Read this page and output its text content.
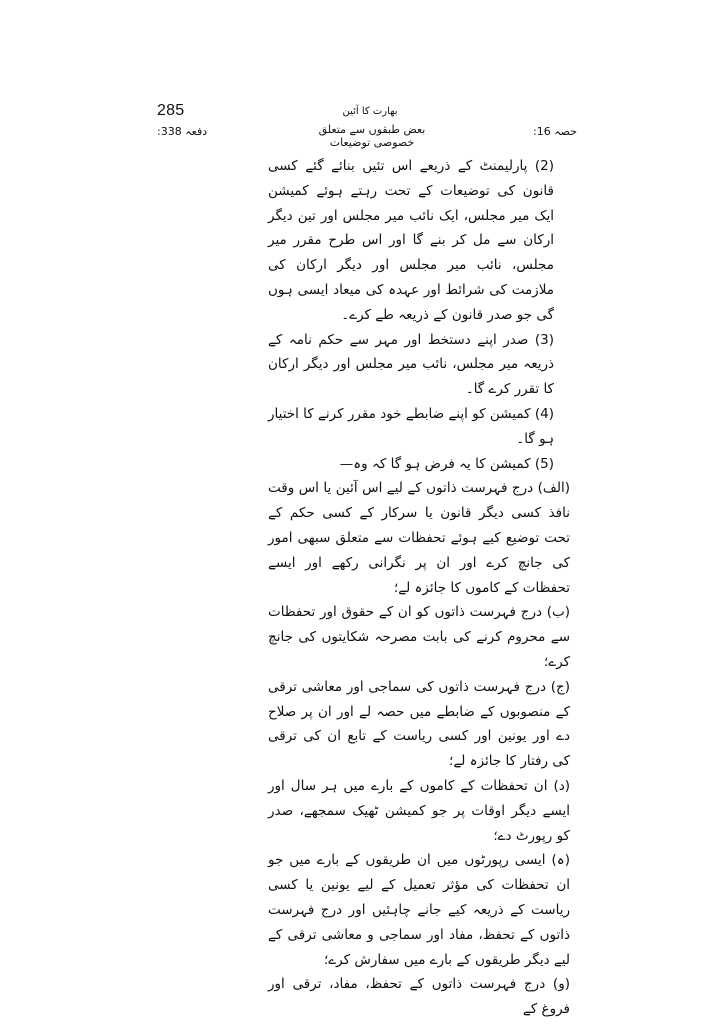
285	بھارت کا آئین
دفعہ 338:	بعض طبقوں سے متعلق خصوصی توضیعات
حصہ 16:

(2) پارلیمنٹ کے ذریعے اس تئیں بنائے گئے کسی قانون کی توضیعات کے تحت رہتے ہوئے کمیشن ایک میر مجلس، ایک نائب میر مجلس اور تین دیگر ارکان سے مل کر بنے گا اور اس طرح مقرر میر مجلس، نائب میر مجلس اور دیگر ارکان کی ملازمت کی شرائط اور عہدہ کی میعاد ایسی ہوں گی جو صدر قانون کے ذریعہ طے کرے۔

(3) صدر اپنے دستخط اور مہر سے حکم نامہ کے ذریعہ میر مجلس، نائب میر مجلس اور دیگر ارکان کا تقرر کرے گا۔

(4) کمیشن کو اپنے ضابطے خود مقرر کرنے کا اختیار ہو گا۔

(5) کمیشن کا یہ فرض ہو گا کہ وہ—

(الف) درج فہرست ذاتوں کے لیے اس آئین یا اس وقت نافذ کسی دیگر قانون یا سرکار کے کسی حکم کے تحت توضیع کیے ہوئے تحفظات سے متعلق سبھی امور کی جانچ کرے اور ان پر نگرانی رکھے اور ایسے تحفظات کے کاموں کا جائزہ لے؛

(ب) درج فہرست ذاتوں کو ان کے حقوق اور تحفظات سے محروم کرنے کی بابت مصرحہ شکایتوں کی جانچ کرے؛

(ج) درج فہرست ذاتوں کی سماجی اور معاشی ترقی کے منصوبوں کے ضابطے میں حصہ لے اور ان پر صلاح دے اور یونین اور کسی ریاست کے تابع ان کی ترقی کی رفتار کا جائزہ لے؛

(د) ان تحفظات کے کاموں کے بارے میں ہر سال اور ایسے دیگر اوقات پر جو کمیشن ٹھیک سمجھے، صدر کو رپورٹ دے؛

(ہ) ایسی رپورٹوں میں ان طریقوں کے بارے میں جو ان تحفظات کی مؤثر تعمیل کے لیے یونین یا کسی ریاست کے ذریعہ کیے جانے چاہئیں اور درج فہرست ذاتوں کے تحفظ، مفاد اور سماجی و معاشی ترقی کے لیے دیگر طریقوں کے بارے میں سفارش کرے؛

(و) درج فہرست ذاتوں کے تحفظ، مفاد، ترقی اور فروغ کے
